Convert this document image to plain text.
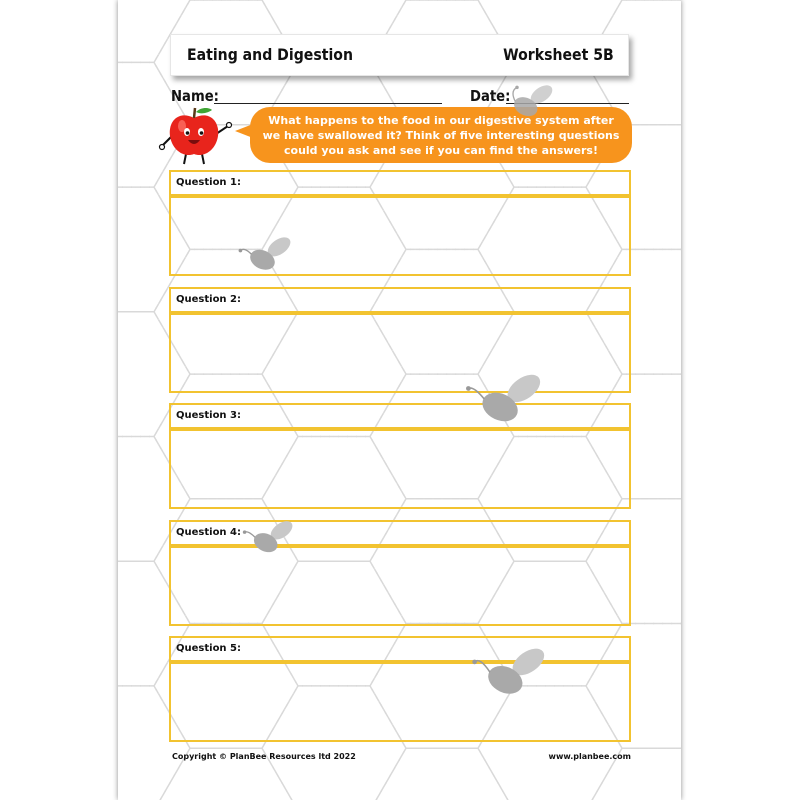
Eating and Digestion	Worksheet 5B
Name:	Date:
What happens to the food in our digestive system after we have swallowed it? Think of five interesting questions could you ask and see if you can find the answers!
Question 1:
Question 2:
Question 3:
Question 4:
Question 5:
Copyright © PlanBee Resources ltd 2022	www.planbee.com
